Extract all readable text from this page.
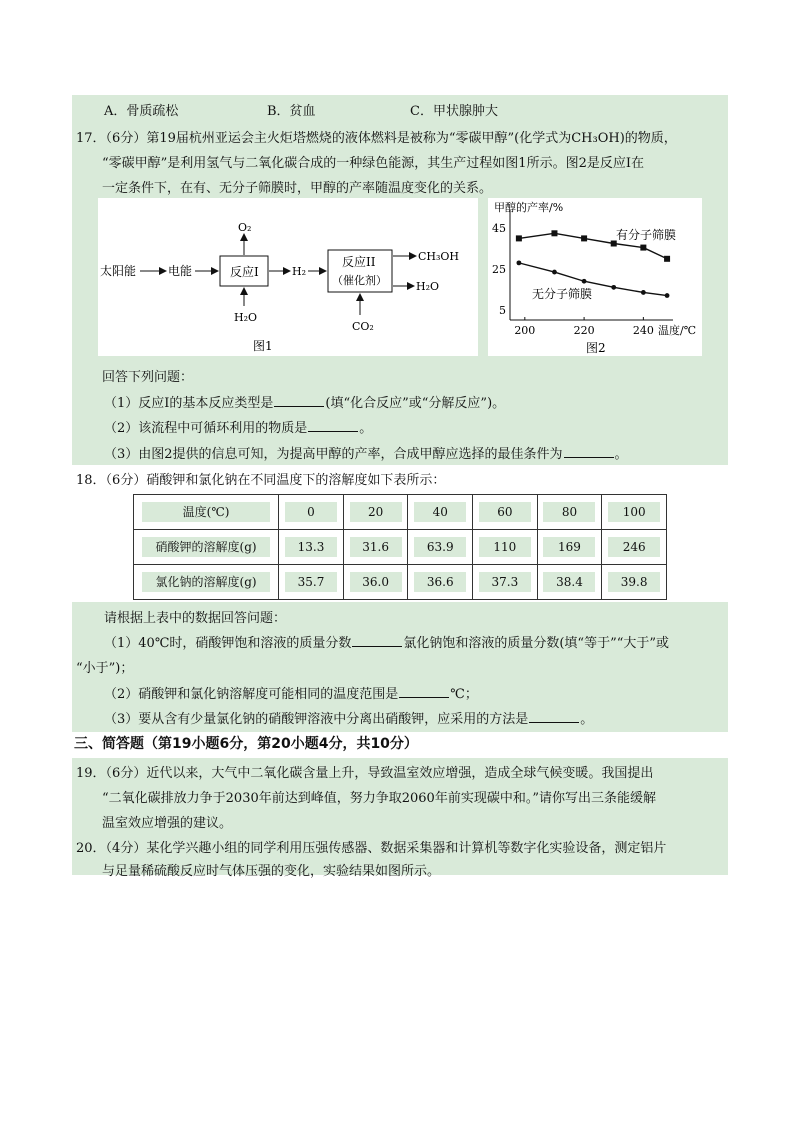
A．骨质疏松	B．贫血	C．甲状腺肿大
17．（6分）第19届杭州亚运会主火炬塔燃烧的液体燃料是被称为“零碳甲醇”(化学式为CH₃OH)的物质，
“零碳甲醇”是利用氢气与二氧化碳合成的一种绿色能源，其生产过程如图1所示。图2是反应I在
一定条件下，在有、无分子筛膜时，甲醇的产率随温度变化的关系。
太阳能	电能	反应I
O₂
H₂O
H₂
反应II
（催化剂）
CH₃OH
H₂O
CO₂
图1
甲醇的产率/%
温度/℃
5
25
45
200	220	240
有分子筛膜
无分子筛膜
图2
回答下列问题：
（1）反应I的基本反应类型是	(填“化合反应”或“分解反应”)。
（2）该流程中可循环利用的物质是	。
（3）由图2提供的信息可知，为提高甲醇的产率，合成甲醇应选择的最佳条件为	。
18．（6分）硝酸钾和氯化钠在不同温度下的溶解度如下表所示：
温度(℃)	0	20	40	60	80	100
硝酸钾的溶解度(g)	13.3	31.6	63.9	110	169	246
氯化钠的溶解度(g)	35.7	36.0	36.6	37.3	38.4	39.8
请根据上表中的数据回答问题：
（1）40℃时，硝酸钾饱和溶液的质量分数	氯化钠饱和溶液的质量分数(填“等于”“大于”或
“小于”)；
（2）硝酸钾和氯化钠溶解度可能相同的温度范围是	℃；
（3）要从含有少量氯化钠的硝酸钾溶液中分离出硝酸钾，应采用的方法是	。
三、简答题（第19小题6分，第20小题4分，共10分）
19．（6分）近代以来，大气中二氧化碳含量上升，导致温室效应增强，造成全球气候变暖。我国提出
“二氧化碳排放力争于2030年前达到峰值，努力争取2060年前实现碳中和。”请你写出三条能缓解
温室效应增强的建议。
20．（4分）某化学兴趣小组的同学利用压强传感器、数据采集器和计算机等数字化实验设备，测定铝片
与足量稀硫酸反应时气体压强的变化，实验结果如图所示。
